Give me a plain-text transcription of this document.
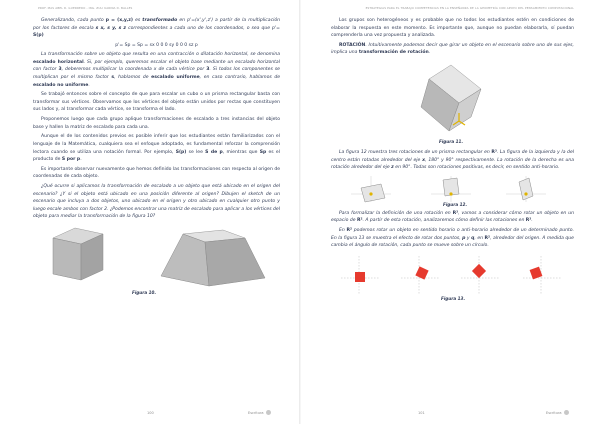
PROF. MAS ABEL D. GUERRERO - ING. ZULI KARINA D. BALLES

Generalizando, cada punto p = (x,y,z) es transformado en p'=(x',y',z') a partir de la multiplicación por los factores de escala s x, s y, s z correspondientes a cada uno de los coordenados, o sea que p'= S(p)

p'= Sp = Sp = sx 0 0 0 sy 0 0 0 sz p

La transformación sobre un objeto que resulta en una contracción o dilatación horizontal, se denomina escalado horizontal. Si, por ejemplo, queremos escalar el objeto base mediante un escalado horizontal con factor 3, deberemos multiplicar la coordenada x de cada vértice por 3. Si todos los componentes se multiplican por el mismo factor s, hablamos de escalado uniforme, en caso contrario, hablamos de escalado no uniforme.

Se trabajó entonces sobre el concepto de que para escalar un cubo o un prisma rectangular basta con transformar sus vértices. Observamos que los vértices del objeto están unidos por rectas que constituyen sus lados y, al transformar cada vértice, se transforma el lado.

Proponemos luego que cada grupo aplique transformaciones de escalado a tres instancias del objeto base y hallen la matriz de escalado para cada una.

Aunque el de los contenidos previos es posible inferir que los estudiantes están familiarizados con el lenguaje de la Matemática, cualquiera sea el enfoque adoptado, es fundamental reforzar la comprensión lectora cuando se utiliza una notación formal. Por ejemplo, S(p) se lee S de p, mientras que Sp es el producto de S por p.

Es importante observar nuevamente que hemos definido las transformaciones con respecto al origen de coordenadas de cada objeto.

¿Qué ocurre si aplicamos la transformación de escalado a un objeto que está ubicado en el origen del escenario? ¿Y si el objeto está ubicado en una posición diferente al origen? Dibujen el sketch de un escenario que incluya a dos objetos, uno ubicado en el origen y otro ubicado en cualquier otro punto y luego escale ambos con factor 2. ¿Podemos encontrar una matriz de escalado para aplicar a los vértices del objeto para mediar la transformación de la figura 10?

Figura 10.
100	Escritura
ESTRATEGIAS PARA EL TRABAJO COMPETENCIAS EN LA ENSEÑANZA DE LA GEOMETRÍA CON APOYO DEL PENSAMIENTO COMPUTACIONAL

Los grupos son heterogéneos y es probable que no todos los estudiantes estén en condiciones de elaborar la respuesta en este momento. Es importante que, aunque no puedan elaborarla, sí puedan comprenderla una vez propuesta y analizada.

ROTACIÓN. Intuitivamente podemos decir que girar un objeto en el escenario sobre uno de sus ejes, implica una transformación de rotación.

Figura 11.

La figura 12 muestra tres rotaciones de un prisma rectangular en R³. La figura de la izquierda y la del centro están rotadas alrededor del eje x, 180° y 90° respectivamente. La rotación de la derecha es una rotación alrededor del eje z en 90°. Todas son rotaciones positivas, es decir, en sentido anti-horario.

Figura 12.

Para formalizar la definición de una rotación en R³, vamos a considerar cómo rotar un objeto en un espacio de R². A partir de esta rotación, analizaremos cómo definir las rotaciones en R³.

En R² podemos rotar un objeto en sentido horario o anti-horario alrededor de un determinado punto. En la figura 13 se muestra el efecto de rotar dos puntos, p y q, en R², alrededor del origen. A medida que cambia el ángulo de rotación, cada punto se mueve sobre un círculo.

Figura 13.
101	Escritura
